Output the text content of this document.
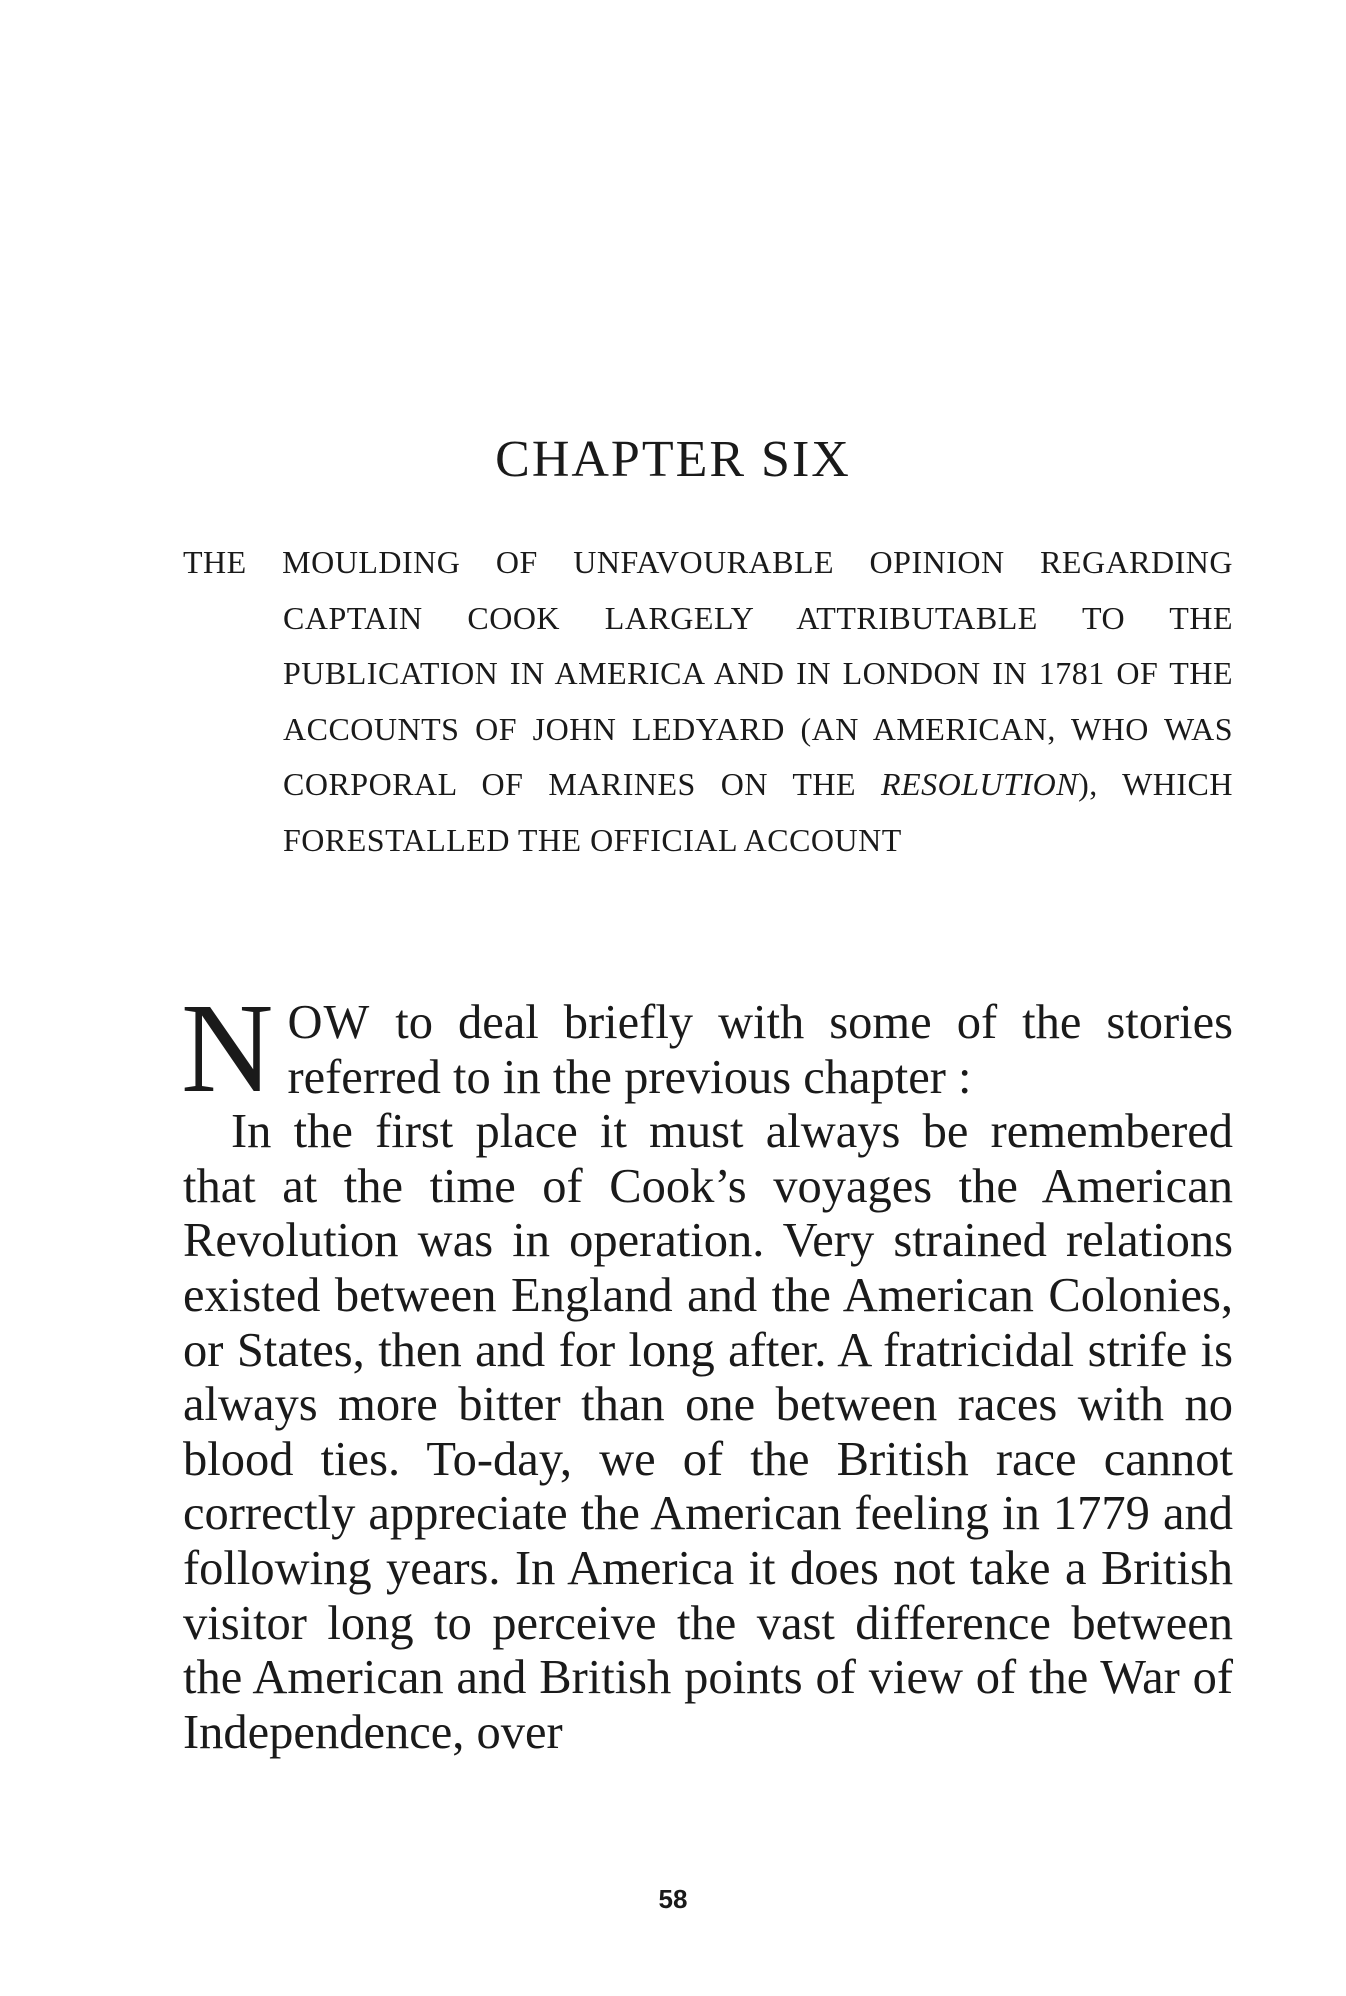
CHAPTER SIX

THE MOULDING OF UNFAVOURABLE OPINION REGARDING CAPTAIN COOK LARGELY ATTRIBUTABLE TO THE PUBLICATION IN AMERICA AND IN LONDON IN 1781 OF THE ACCOUNTS OF JOHN LEDYARD (AN AMERICAN, WHO WAS CORPORAL OF MARINES ON THE RESOLUTION), WHICH FORESTALLED THE OFFICIAL ACCOUNT

NOW to deal briefly with some of the stories referred to in the previous chapter :

In the first place it must always be remembered that at the time of Cook’s voyages the American Revolution was in operation. Very strained relations existed between England and the American Colonies, or States, then and for long after. A fratricidal strife is always more bitter than one between races with no blood ties. To-day, we of the British race cannot correctly appreciate the American feeling in 1779 and following years. In America it does not take a British visitor long to perceive the vast difference between the American and British points of view of the War of Independence, over

58
